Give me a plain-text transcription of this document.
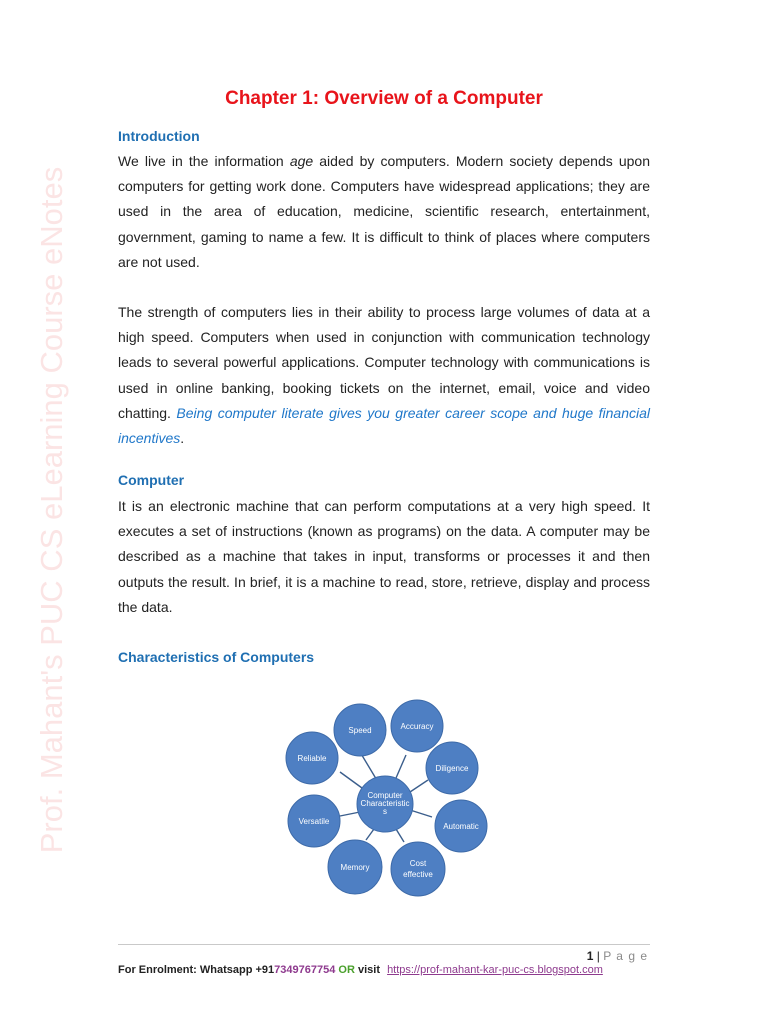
Prof. Mahant's PUC CS eLearning Course eNotes
Chapter 1: Overview of a Computer
Introduction

We live in the information age aided by computers. Modern society depends upon computers for getting work done. Computers have widespread applications; they are used in the area of education, medicine, scientific research, entertainment, government, gaming to name a few. It is difficult to think of places where computers are not used.

The strength of computers lies in their ability to process large volumes of data at a high speed. Computers when used in conjunction with communication technology leads to several powerful applications. Computer technology with communications is used in online banking, booking tickets on the internet, email, voice and video chatting. Being computer literate gives you greater career scope and huge financial incentives.

Computer

It is an electronic machine that can perform computations at a very high speed. It executes a set of instructions (known as programs) on the data. A computer may be described as a machine that takes in input, transforms or processes it and then outputs the result. In brief, it is a machine to read, store, retrieve, display and process the data.

Characteristics of Computers
Computer
Characteristic
s
Speed	Accuracy
Diligence
Automatic
Cost
effective
Memory
Versatile
Reliable
1 | P a g e
For Enrolment: Whatsapp +917349767754 OR visit https://prof-mahant-kar-puc-cs.blogspot.com
